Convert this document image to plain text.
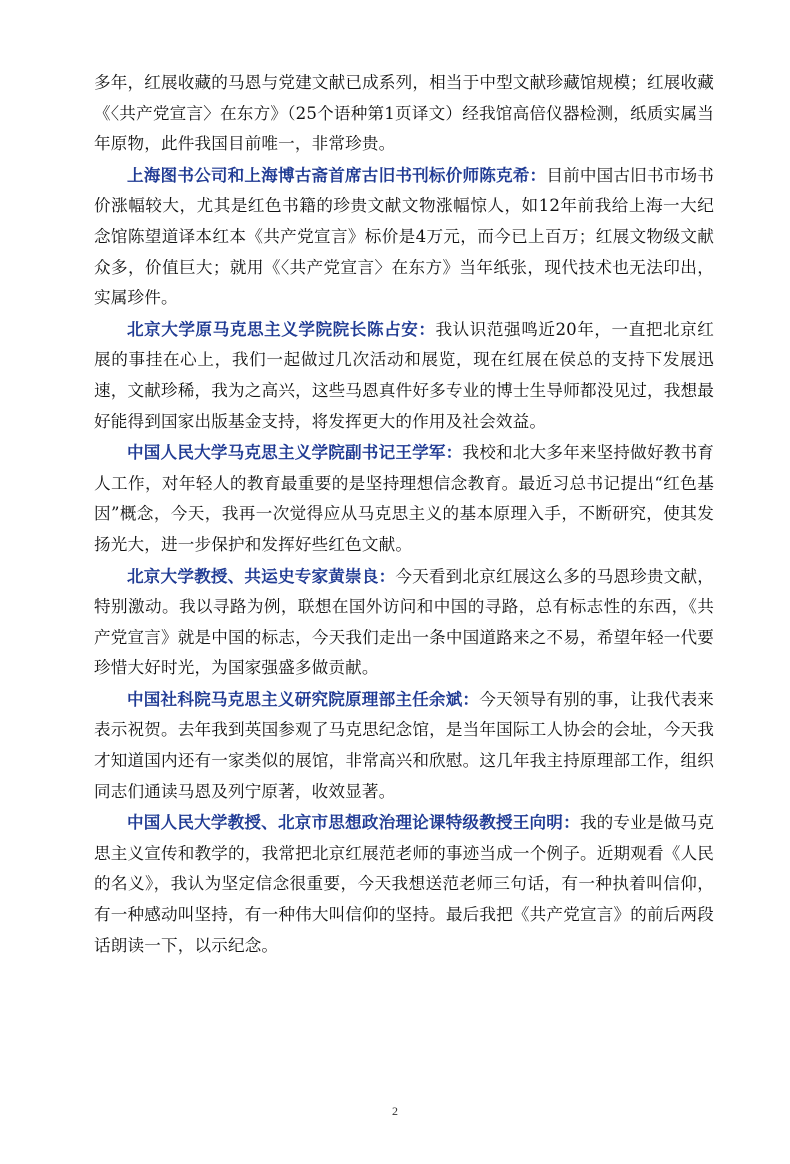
多年，红展收藏的马恩与党建文献已成系列，相当于中型文献珍藏馆规模；红展收藏《〈共产党宣言〉在东方》（25个语种第1页译文）经我馆高倍仪器检测，纸质实属当年原物，此件我国目前唯一，非常珍贵。

上海图书公司和上海博古斋首席古旧书刊标价师陈克希：目前中国古旧书市场书价涨幅较大，尤其是红色书籍的珍贵文献文物涨幅惊人，如12年前我给上海一大纪念馆陈望道译本红本《共产党宣言》标价是4万元，而今已上百万；红展文物级文献众多，价值巨大；就用《〈共产党宣言〉在东方》当年纸张，现代技术也无法印出，实属珍件。

北京大学原马克思主义学院院长陈占安：我认识范强鸣近20年，一直把北京红展的事挂在心上，我们一起做过几次活动和展览，现在红展在侯总的支持下发展迅速，文献珍稀，我为之高兴，这些马恩真件好多专业的博士生导师都没见过，我想最好能得到国家出版基金支持，将发挥更大的作用及社会效益。

中国人民大学马克思主义学院副书记王学军：我校和北大多年来坚持做好教书育人工作，对年轻人的教育最重要的是坚持理想信念教育。最近习总书记提出“红色基因”概念，今天，我再一次觉得应从马克思主义的基本原理入手，不断研究，使其发扬光大，进一步保护和发挥好些红色文献。

北京大学教授、共运史专家黄崇良：今天看到北京红展这么多的马恩珍贵文献，特别激动。我以寻路为例，联想在国外访问和中国的寻路，总有标志性的东西，《共产党宣言》就是中国的标志，今天我们走出一条中国道路来之不易，希望年轻一代要珍惜大好时光，为国家强盛多做贡献。

中国社科院马克思主义研究院原理部主任余斌：今天领导有别的事，让我代表来表示祝贺。去年我到英国参观了马克思纪念馆，是当年国际工人协会的会址，今天我才知道国内还有一家类似的展馆，非常高兴和欣慰。这几年我主持原理部工作，组织同志们通读马恩及列宁原著，收效显著。

中国人民大学教授、北京市思想政治理论课特级教授王向明：我的专业是做马克思主义宣传和教学的，我常把北京红展范老师的事迹当成一个例子。近期观看《人民的名义》，我认为坚定信念很重要，今天我想送范老师三句话，有一种执着叫信仰，有一种感动叫坚持，有一种伟大叫信仰的坚持。最后我把《共产党宣言》的前后两段话朗读一下，以示纪念。

2
